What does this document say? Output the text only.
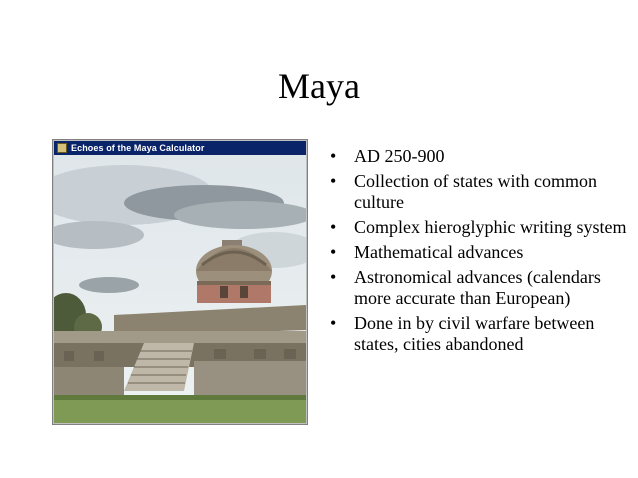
Maya
Echoes of the Maya Calculator	• AD 250-900
• Collection of states with common culture
• Complex hieroglyphic writing system
• Mathematical advances
• Astronomical advances (calendars more accurate than European)
• Done in by civil warfare between states, cities abandoned
